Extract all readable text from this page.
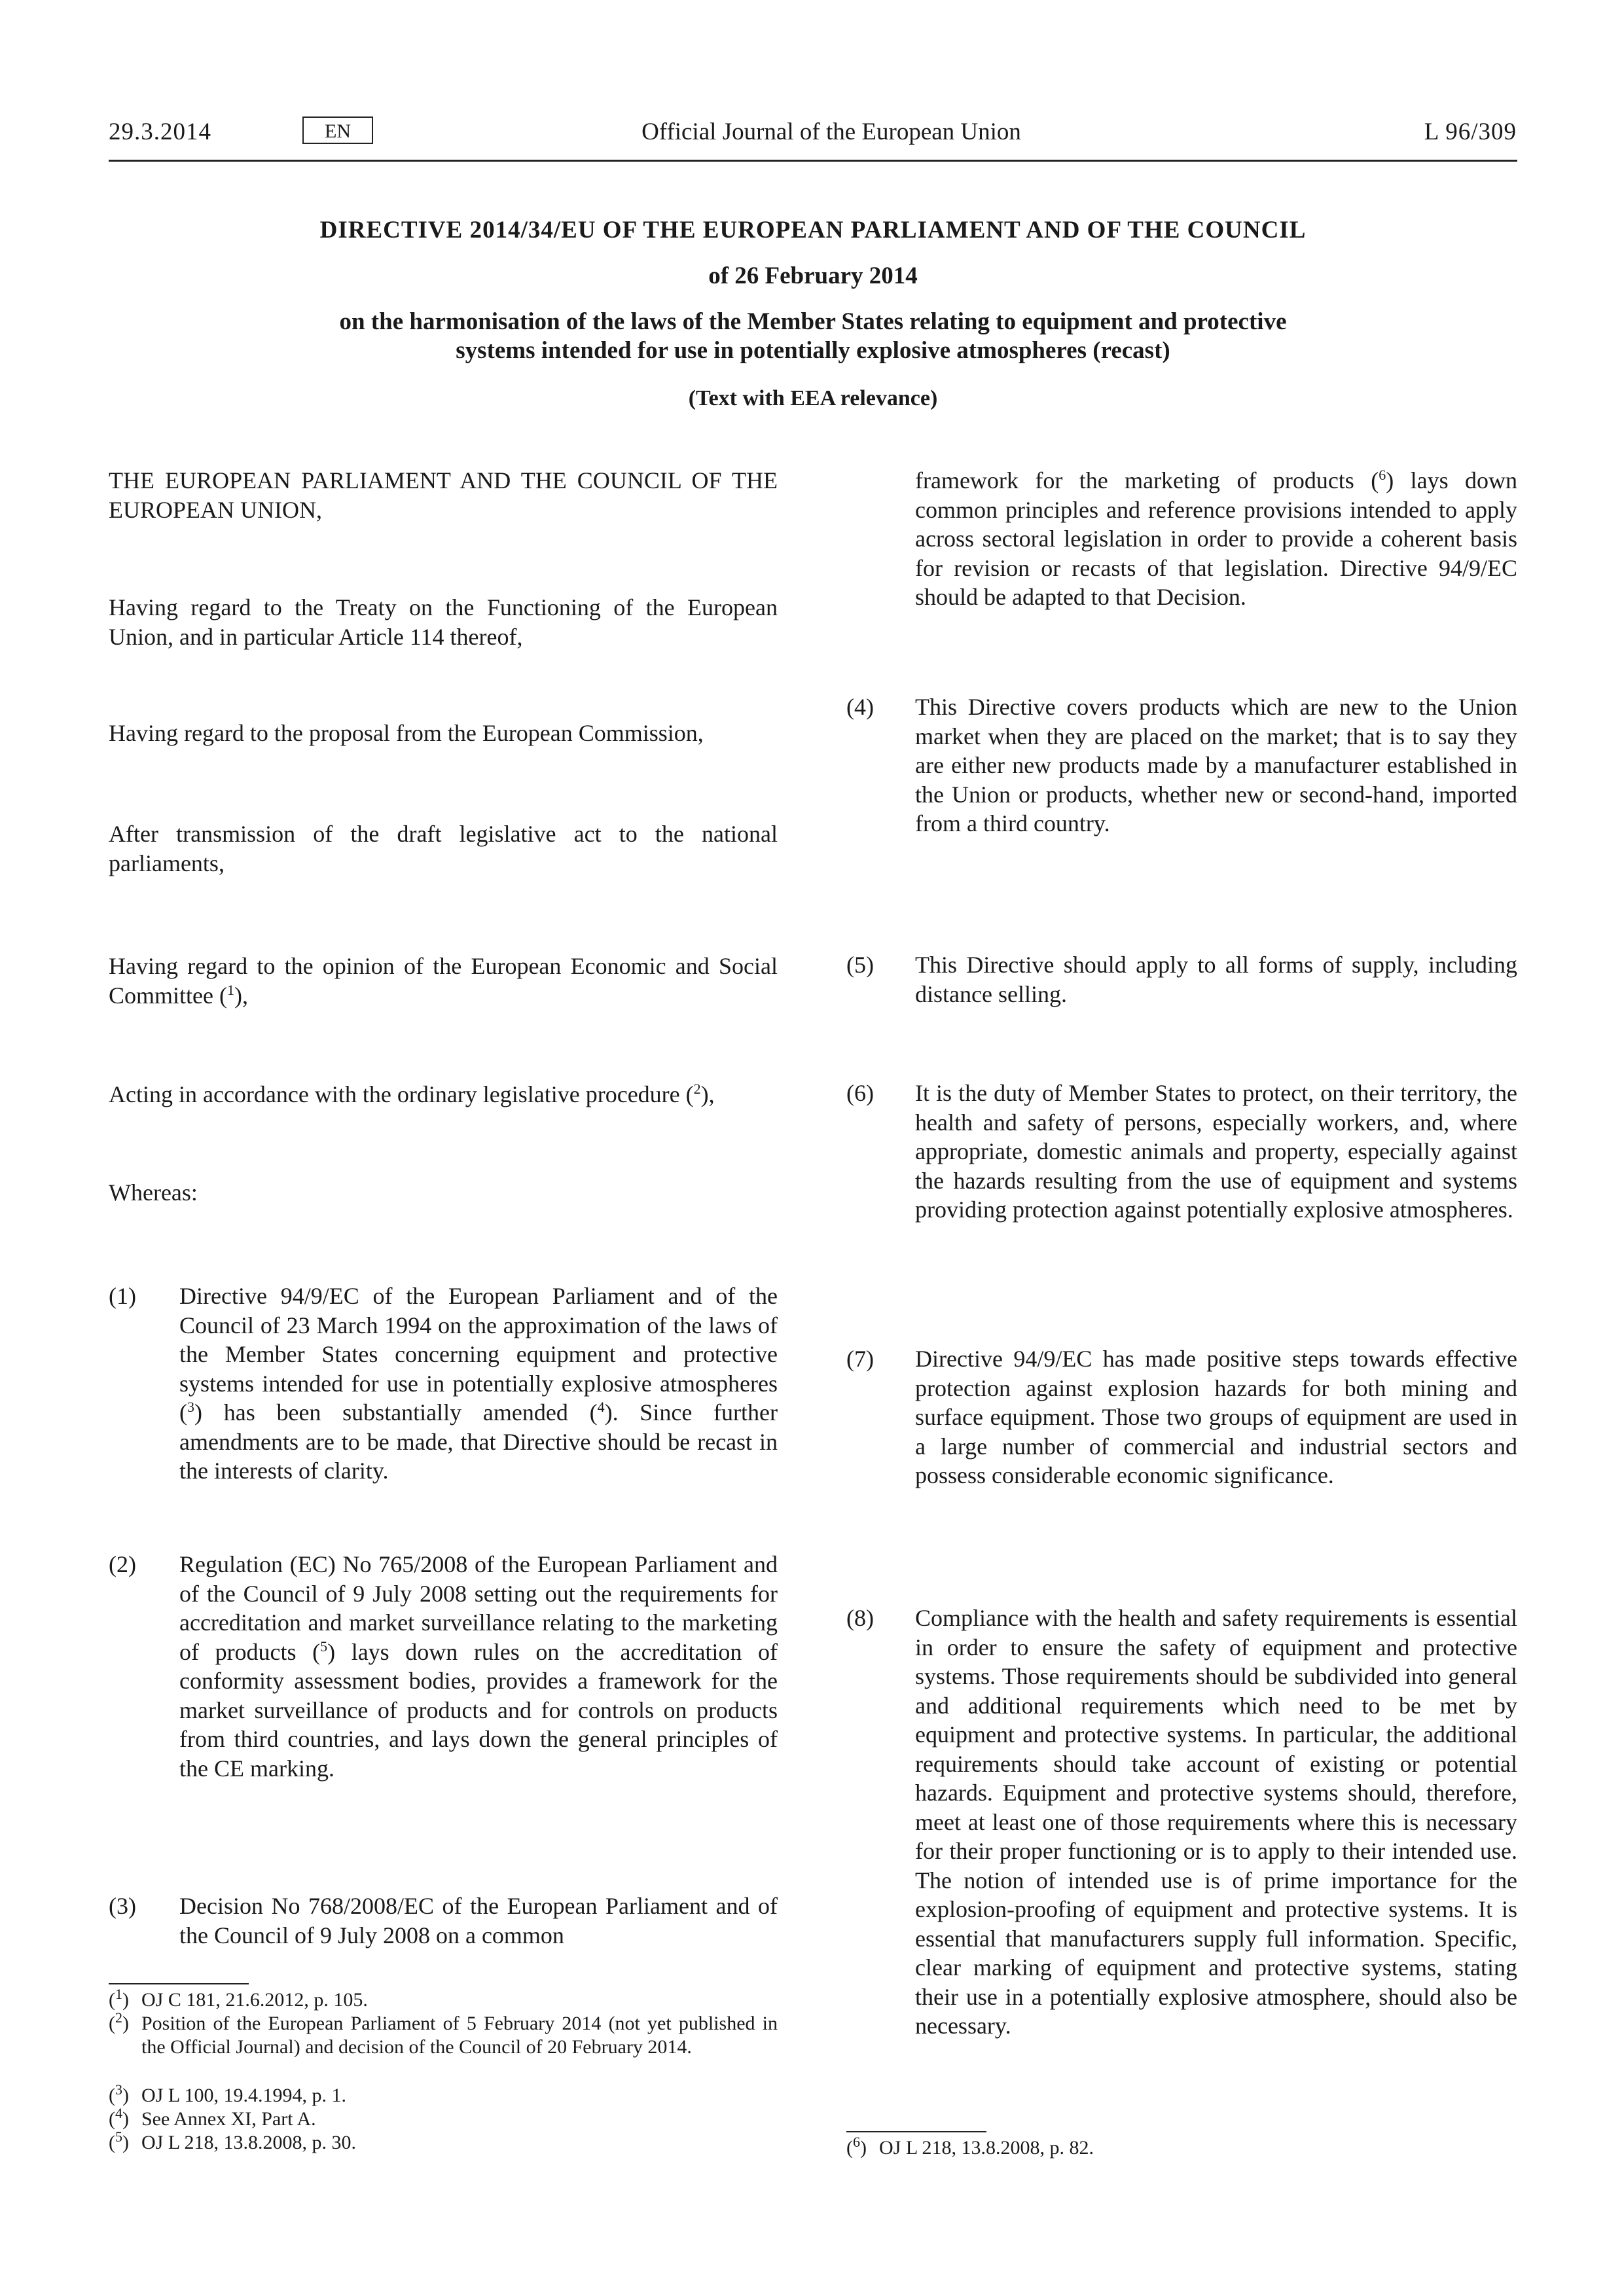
29.3.2014	EN	Official Journal of the European Union	L 96/309
DIRECTIVE 2014/34/EU OF THE EUROPEAN PARLIAMENT AND OF THE COUNCIL
of 26 February 2014
on the harmonisation of the laws of the Member States relating to equipment and protective
systems intended for use in potentially explosive atmospheres (recast)
(Text with EEA relevance)

THE EUROPEAN PARLIAMENT AND THE COUNCIL OF THE EUROPEAN UNION,

Having regard to the Treaty on the Functioning of the European Union, and in particular Article 114 thereof,

Having regard to the proposal from the European Commission,

After transmission of the draft legislative act to the national parliaments,

Having regard to the opinion of the European Economic and Social Committee ($^1$),

Acting in accordance with the ordinary legislative procedure ($^2$),

Whereas:

(1)	Directive 94/9/EC of the European Parliament and of the Council of 23 March 1994 on the approximation of the laws of the Member States concerning equipment and protective systems intended for use in potentially explosive atmospheres ($^3$) has been substantially amended ($^4$). Since further amendments are to be made, that Directive should be recast in the interests of clarity.
(2)	Regulation (EC) No 765/2008 of the European Parliament and of the Council of 9 July 2008 setting out the requirements for accreditation and market surveillance relating to the marketing of products ($^5$) lays down rules on the accreditation of conformity assessment bodies, provides a framework for the market surveillance of products and for controls on products from third countries, and lays down the general principles of the CE marking.
(3)	Decision No 768/2008/EC of the European Parliament and of the Council of 9 July 2008 on a common
($^1$) OJ C 181, 21.6.2012, p. 105.
($^2$) Position of the European Parliament of 5 February 2014 (not yet published in the Official Journal) and decision of the Council of 20 February 2014.
($^3$) OJ L 100, 19.4.1994, p. 1.
($^4$) See Annex XI, Part A.
($^5$) OJ L 218, 13.8.2008, p. 30.
framework for the marketing of products ($^6$) lays down common principles and reference provisions intended to apply across sectoral legislation in order to provide a coherent basis for revision or recasts of that legislation. Directive 94/9/EC should be adapted to that Decision.
(4)	This Directive covers products which are new to the Union market when they are placed on the market; that is to say they are either new products made by a manufacturer established in the Union or products, whether new or second-hand, imported from a third country.
(5)	This Directive should apply to all forms of supply, including distance selling.
(6)	It is the duty of Member States to protect, on their territory, the health and safety of persons, especially workers, and, where appropriate, domestic animals and property, especially against the hazards resulting from the use of equipment and systems providing protection against potentially explosive atmospheres.
(7)	Directive 94/9/EC has made positive steps towards effective protection against explosion hazards for both mining and surface equipment. Those two groups of equipment are used in a large number of commercial and industrial sectors and possess considerable economic significance.
(8)	Compliance with the health and safety requirements is essential in order to ensure the safety of equipment and protective systems. Those requirements should be subdivided into general and additional requirements which need to be met by equipment and protective systems. In particular, the additional requirements should take account of existing or potential hazards. Equipment and protective systems should, therefore, meet at least one of those requirements where this is necessary for their proper functioning or is to apply to their intended use. The notion of intended use is of prime importance for the explosion-proofing of equipment and protective systems. It is essential that manufacturers supply full information. Specific, clear marking of equipment and protective systems, stating their use in a potentially explosive atmosphere, should also be necessary.
($^6$) OJ L 218, 13.8.2008, p. 82.
